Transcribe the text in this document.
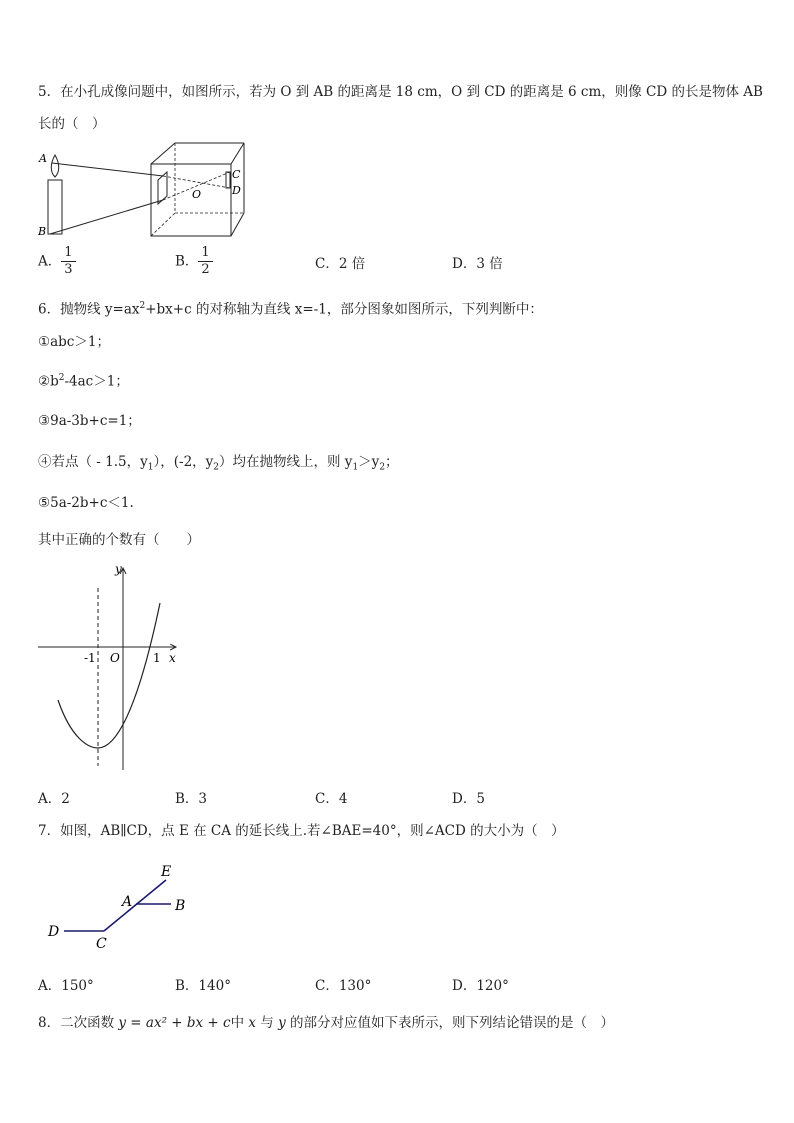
5．在小孔成像问题中，如图所示，若为 O 到 AB 的距离是 18 cm，O 到 CD 的距离是 6 cm，则像 CD 的长是物体 AB
长的（　）
A
B
O
C
D
A． $\frac{1}{3}$	B． $\frac{1}{2}$	C．2 倍	D．3 倍
6．抛物线 $y=ax^2+bx+c$ 的对称轴为直线 x=-1，部分图象如图所示，下列判断中：
①abc＞1；
$②b^2-4ac>1$；
③9a-3b+c=1；
④若点（ - 1.5，$y_1$），(-2，$y_2$）均在抛物线上，则 $y_1>y_2$；
⑤5a-2b+c＜1.
其中正确的个数有（　　）
y
x
O
-1	1
A．2	B．3	C．4	D．5
7．如图，AB∥CD，点 E 在 CA 的延长线上.若∠BAE=40°，则∠ACD 的大小为（　）
E
A	B
D
C
A．150°	B．140°	C．130°	D．120°
8．二次函数 y = ax² + bx + c中 x 与 y 的部分对应值如下表所示，则下列结论错误的是（　）
